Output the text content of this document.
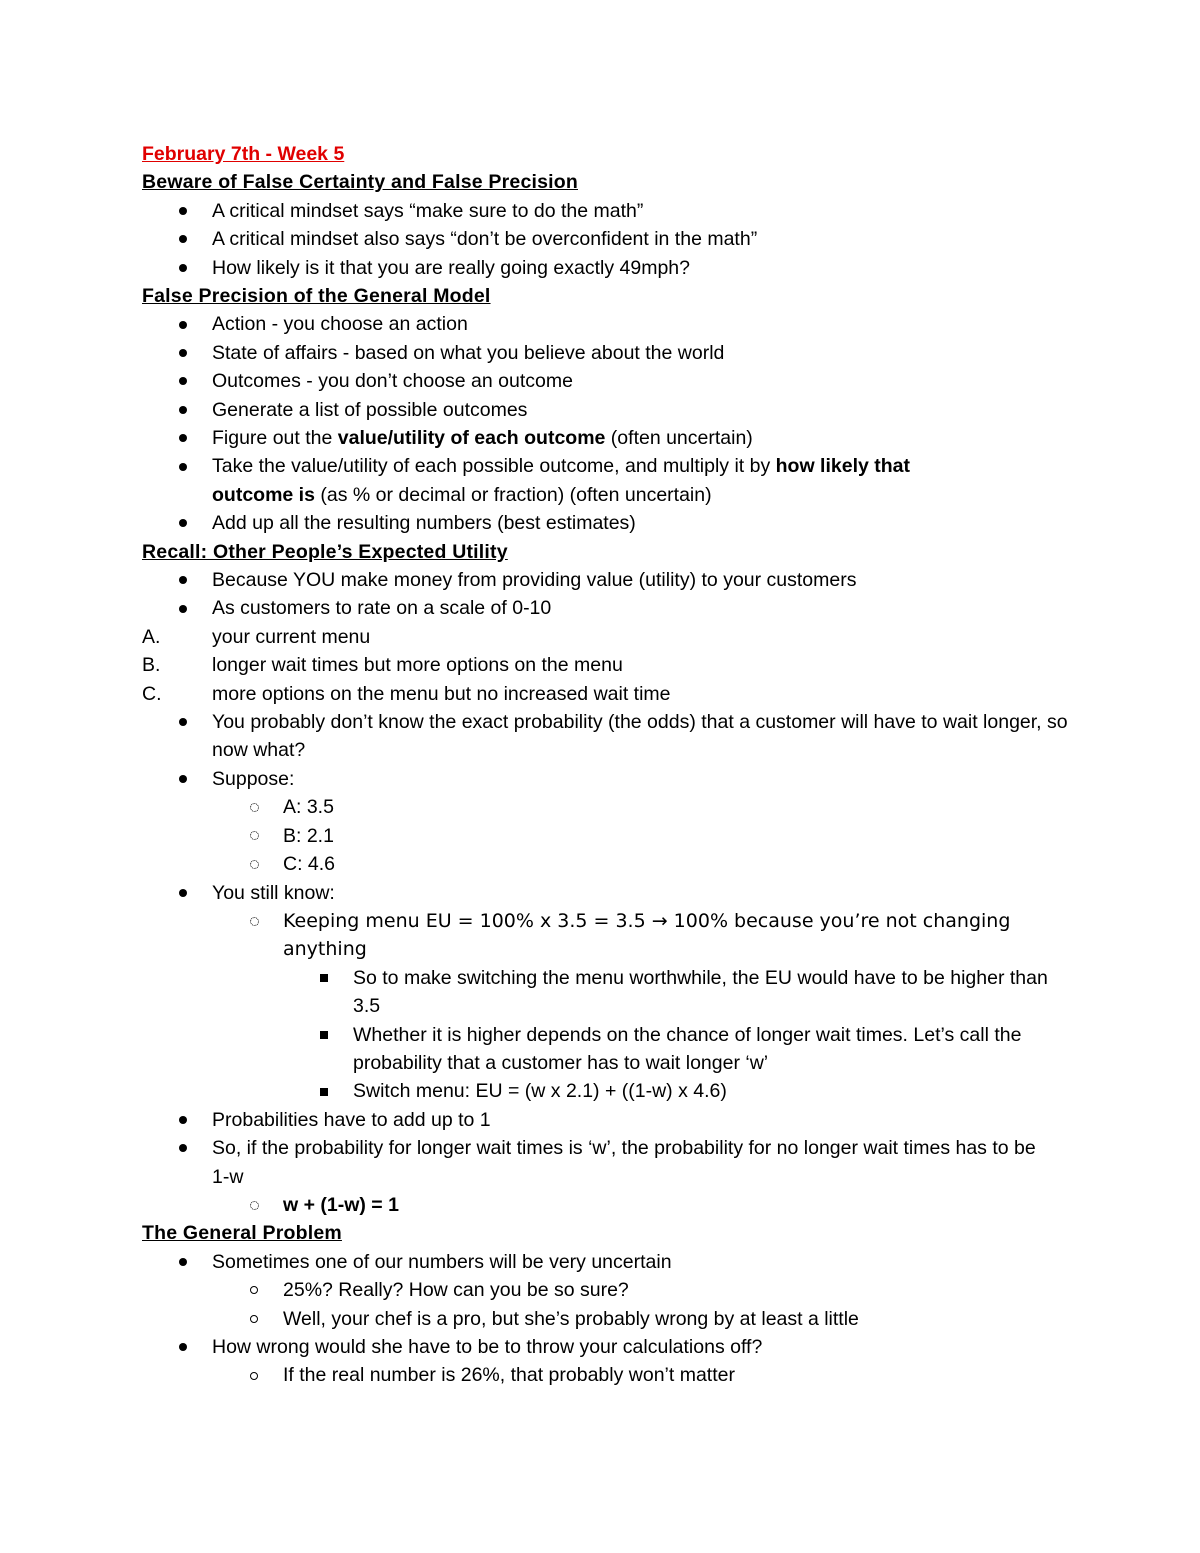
February 7th - Week 5
Beware of False Certainty and False Precision
A critical mindset says “make sure to do the math”
A critical mindset also says “don’t be overconfident in the math”
How likely is it that you are really going exactly 49mph?
False Precision of the General Model
Action - you choose an action
State of affairs - based on what you believe about the world
Outcomes - you don’t choose an outcome
Generate a list of possible outcomes
Figure out the value/utility of each outcome (often uncertain)
Take the value/utility of each possible outcome, and multiply it by how likely that outcome is (as % or decimal or fraction) (often uncertain)
Add up all the resulting numbers (best estimates)
Recall: Other People’s Expected Utility
Because YOU make money from providing value (utility) to your customers
As customers to rate on a scale of 0-10
A.	your current menu
B.	longer wait times but more options on the menu
C.	more options on the menu but no increased wait time
You probably don’t know the exact probability (the odds) that a customer will have to wait longer, so now what?
Suppose:
A: 3.5
B: 2.1
C: 4.6
You still know:
Keeping menu EU = 100% x 3.5 = 3.5 → 100% because you’re not changing anything
So to make switching the menu worthwhile, the EU would have to be higher than 3.5
Whether it is higher depends on the chance of longer wait times. Let’s call the probability that a customer has to wait longer ‘w’
Switch menu: EU = (w x 2.1) + ((1-w) x 4.6)
Probabilities have to add up to 1
So, if the probability for longer wait times is ‘w’, the probability for no longer wait times has to be 1-w
w + (1-w) = 1
The General Problem
Sometimes one of our numbers will be very uncertain
25%? Really? How can you be so sure?
Well, your chef is a pro, but she’s probably wrong by at least a little
How wrong would she have to be to throw your calculations off?
If the real number is 26%, that probably won’t matter
